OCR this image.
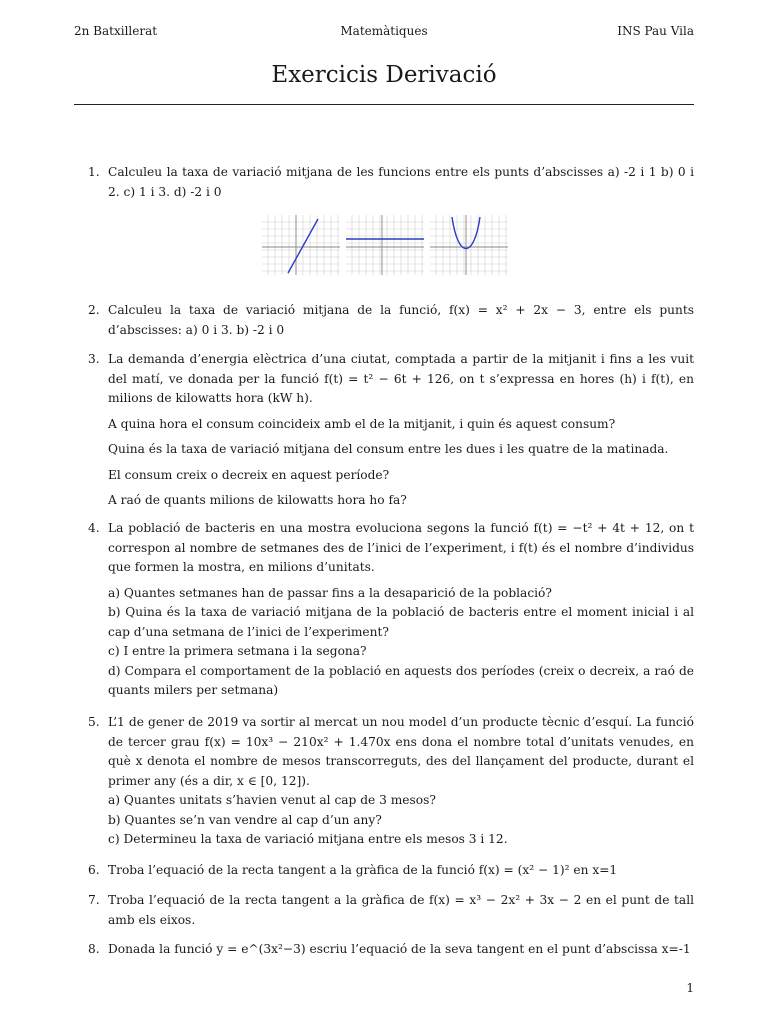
2n Batxillerat	Matemàtiques	INS Pau Vila
Exercicis Derivació
1. Calculeu la taxa de variació mitjana de les funcions entre els punts d’abscisses a) -2 i 1 b) 0 i 2. c) 1 i 3. d) -2 i 0

2. Calculeu la taxa de variació mitjana de la funció, f(x) = x² + 2x − 3, entre els punts d’abscisses: a) 0 i 3. b) -2 i 0

3. La demanda d’energia elèctrica d’una ciutat, comptada a partir de la mitjanit i fins a les vuit del matí, ve donada per la funció f(t) = t² − 6t + 126, on t s’expressa en hores (h) i f(t), en milions de kilowatts hora (kW h).

A quina hora el consum coincideix amb el de la mitjanit, i quin és aquest consum?

Quina és la taxa de variació mitjana del consum entre les dues i les quatre de la matinada.

El consum creix o decreix en aquest període?

A raó de quants milions de kilowatts hora ho fa?

4. La població de bacteris en una mostra evoluciona segons la funció f(t) = −t² + 4t + 12, on t correspon al nombre de setmanes des de l’inici de l’experiment, i f(t) és el nombre d’individus que formen la mostra, en milions d’unitats.

a) Quantes setmanes han de passar fins a la desaparició de la població?

b) Quina és la taxa de variació mitjana de la població de bacteris entre el moment inicial i al cap d’una setmana de l’inici de l’experiment?

c) I entre la primera setmana i la segona?

d) Compara el comportament de la població en aquests dos períodes (creix o decreix, a raó de quants milers per setmana)

5. L’1 de gener de 2019 va sortir al mercat un nou model d’un producte tècnic d’esquí. La funció de tercer grau f(x) = 10x³ − 210x² + 1.470x ens dona el nombre total d’unitats venudes, en què x denota el nombre de mesos transcorreguts, des del llançament del producte, durant el primer any (és a dir, x ∈ [0, 12]).

a) Quantes unitats s’havien venut al cap de 3 mesos?

b) Quantes se’n van vendre al cap d’un any?

c) Determineu la taxa de variació mitjana entre els mesos 3 i 12.

6. Troba l’equació de la recta tangent a la gràfica de la funció f(x) = (x² − 1)² en x=1

7. Troba l’equació de la recta tangent a la gràfica de f(x) = x³ − 2x² + 3x − 2 en el punt de tall amb els eixos.

8. Donada la funció y = e^(3x²−3) escriu l’equació de la seva tangent en el punt d’abscissa x=-1

1
